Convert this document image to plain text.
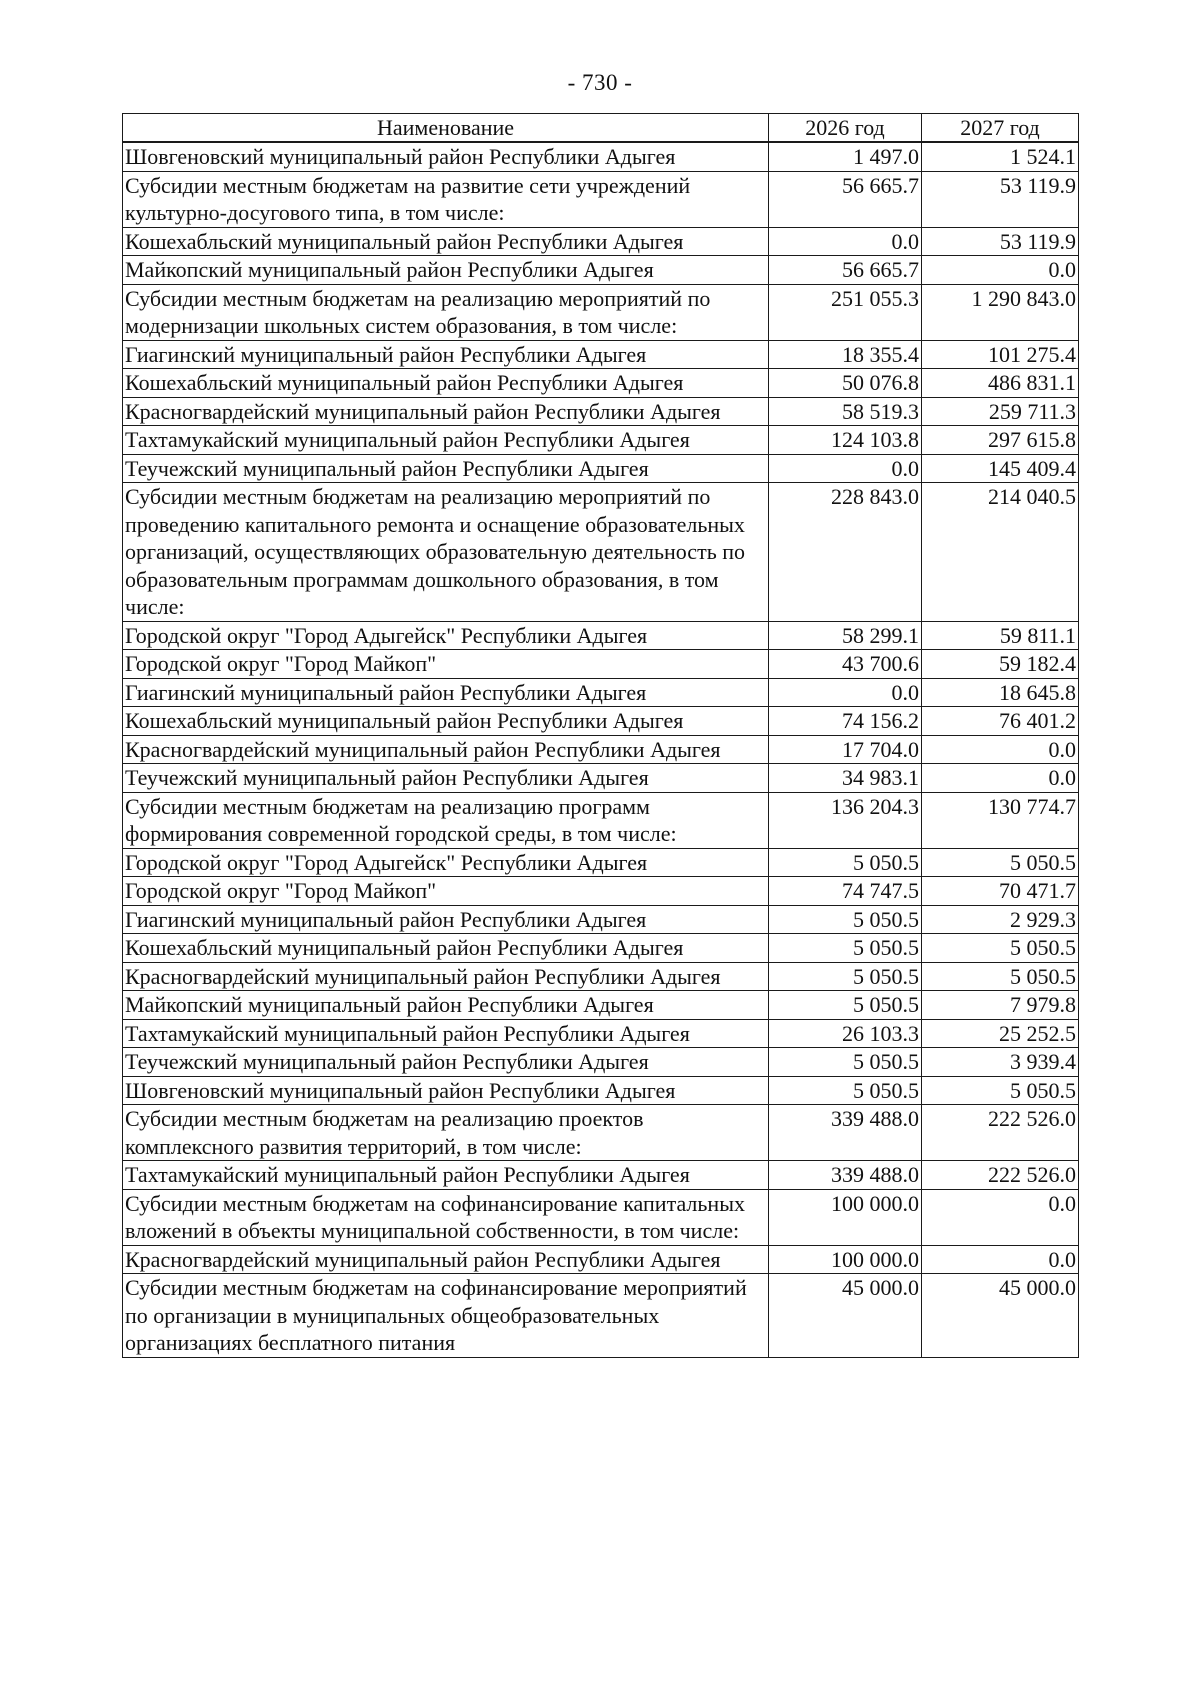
- 730 -
Наименование	2026 год	2027 год
Шовгеновский муниципальный район Республики Адыгея	1 497.0	1 524.1
Субсидии местным бюджетам на развитие сети учреждений культурно-досугового типа, в том числе:	56 665.7	53 119.9
Кошехабльский муниципальный район Республики Адыгея	0.0	53 119.9
Майкопский муниципальный район Республики Адыгея	56 665.7	0.0
Субсидии местным бюджетам на реализацию мероприятий по модернизации школьных систем образования, в том числе:	251 055.3	1 290 843.0
Гиагинский муниципальный район Республики Адыгея	18 355.4	101 275.4
Кошехабльский муниципальный район Республики Адыгея	50 076.8	486 831.1
Красногвардейский муниципальный район Республики Адыгея	58 519.3	259 711.3
Тахтамукайский муниципальный район Республики Адыгея	124 103.8	297 615.8
Теучежский муниципальный район Республики Адыгея	0.0	145 409.4
Субсидии местным бюджетам на реализацию мероприятий по проведению капитального ремонта и оснащение образовательных организаций, осуществляющих образовательную деятельность по образовательным программам дошкольного образования, в том числе:	228 843.0	214 040.5
Городской округ "Город Адыгейск" Республики Адыгея	58 299.1	59 811.1
Городской округ "Город Майкоп"	43 700.6	59 182.4
Гиагинский муниципальный район Республики Адыгея	0.0	18 645.8
Кошехабльский муниципальный район Республики Адыгея	74 156.2	76 401.2
Красногвардейский муниципальный район Республики Адыгея	17 704.0	0.0
Теучежский муниципальный район Республики Адыгея	34 983.1	0.0
Субсидии местным бюджетам на реализацию программ формирования современной городской среды, в том числе:	136 204.3	130 774.7
Городской округ "Город Адыгейск" Республики Адыгея	5 050.5	5 050.5
Городской округ "Город Майкоп"	74 747.5	70 471.7
Гиагинский муниципальный район Республики Адыгея	5 050.5	2 929.3
Кошехабльский муниципальный район Республики Адыгея	5 050.5	5 050.5
Красногвардейский муниципальный район Республики Адыгея	5 050.5	5 050.5
Майкопский муниципальный район Республики Адыгея	5 050.5	7 979.8
Тахтамукайский муниципальный район Республики Адыгея	26 103.3	25 252.5
Теучежский муниципальный район Республики Адыгея	5 050.5	3 939.4
Шовгеновский муниципальный район Республики Адыгея	5 050.5	5 050.5
Субсидии местным бюджетам на реализацию проектов комплексного развития территорий, в том числе:	339 488.0	222 526.0
Тахтамукайский муниципальный район Республики Адыгея	339 488.0	222 526.0
Субсидии местным бюджетам на софинансирование капитальных вложений в объекты муниципальной собственности, в том числе:	100 000.0	0.0
Красногвардейский муниципальный район Республики Адыгея	100 000.0	0.0
Субсидии местным бюджетам на софинансирование мероприятий по организации в муниципальных общеобразовательных организациях бесплатного питания	45 000.0	45 000.0
